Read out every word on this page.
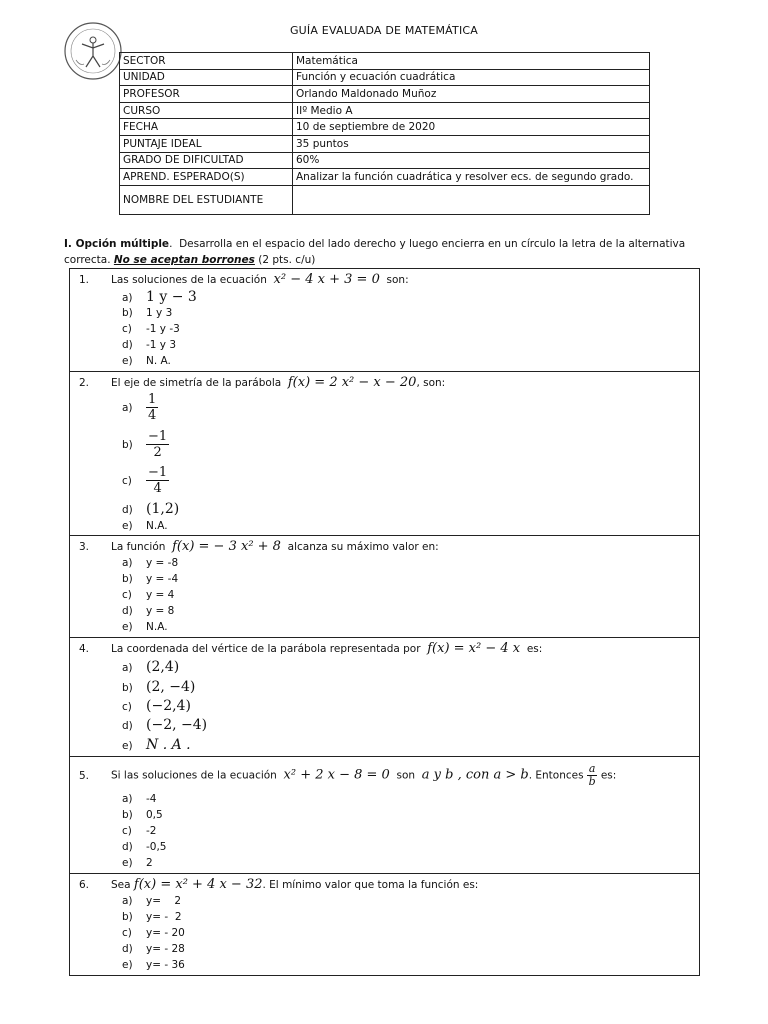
GUÍA EVALUADA DE MATEMÁTICA
SECTOR	Matemática
UNIDAD	Función y ecuación cuadrática
PROFESOR	Orlando Maldonado Muñoz
CURSO	IIº Medio A
FECHA	10 de septiembre de 2020
PUNTAJE IDEAL	35 puntos
GRADO DE DIFICULTAD	60%
APREND. ESPERADO(S)	Analizar la función cuadrática y resolver ecs. de segundo grado.
NOMBRE DEL ESTUDIANTE	
I. Opción múltiple.  Desarrolla en el espacio del lado derecho y luego encierra en un círculo la letra de la alternativa correcta. No se aceptan borrones (2 pts. c/u)
1. Las soluciones de la ecuación x² − 4 x + 3 = 0 son:
a) 1 y − 3
b) 1 y 3
c) -1 y -3
d) -1 y 3
e) N. A.
2. El eje de simetría de la parábola f(x) = 2 x² − x − 20, son:
$a) \frac{1}{4}$
$b) \frac{-1}{2}$
$c) \frac{-1}{4}$
d) (1,2)
e) N.A.
3. La función f(x) = − 3 x² + 8 alcanza su máximo valor en:
a) y = -8
b) y = -4
c) y = 4
d) y = 8
e) N.A.
4. La coordenada del vértice de la parábola representada por f(x) = x² − 4 x es:
a) (2,4)
b) (2, −4)
c) (−2,4)
d) (−2, −4)
e) N . A .
5. Si las soluciones de la ecuación x² + 2 x − 8 = 0 son a y b , con a > b. Entonces $\frac{a}{b}$ es:
a) -4
b) 0,5
c) -2
d) -0,5
e) 2
6. Sea f(x) = x² + 4 x − 32. El mínimo valor que toma la función es:
a) y=    2
b) y= -  2
c) y= - 20
d) y= - 28
e) y= - 36
